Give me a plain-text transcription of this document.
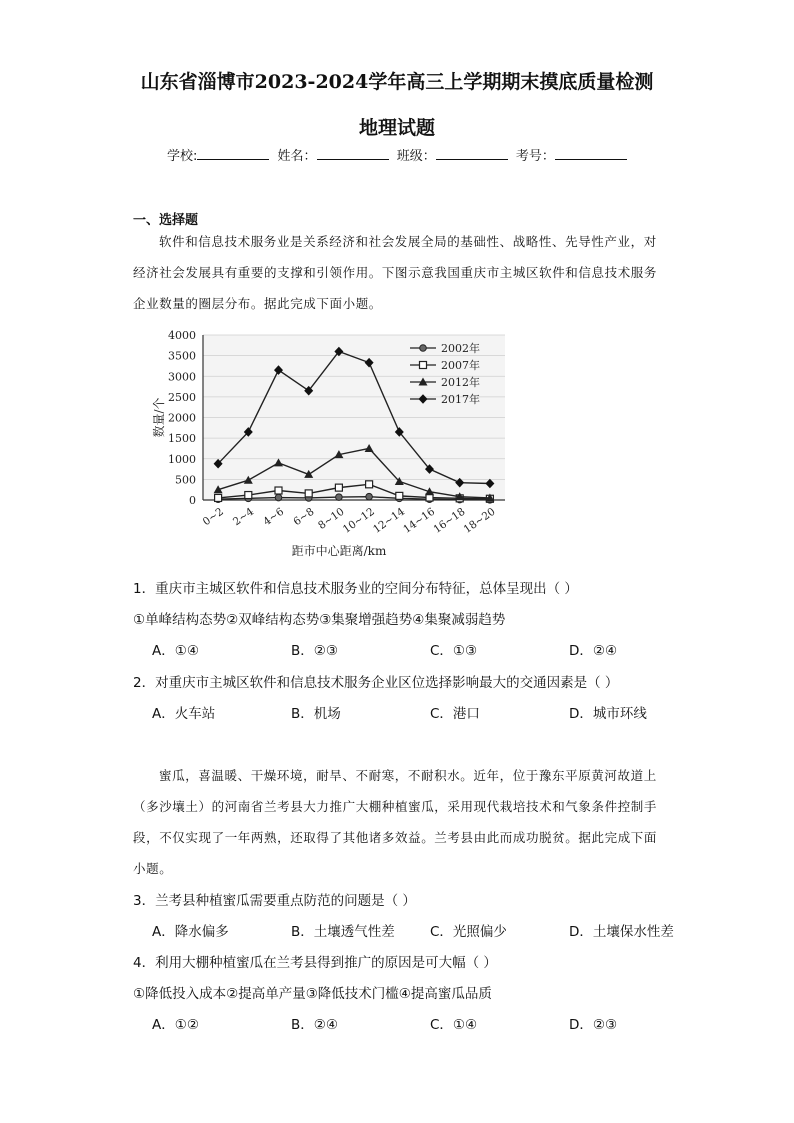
山东省淄博市2023-2024学年高三上学期期末摸底质量检测
地理试题
学校:	姓名：	班级：	考号：
一、选择题
软件和信息技术服务业是关系经济和社会发展全局的基础性、战略性、先导性产业，对经济社会发展具有重要的支撑和引领作用。下图示意我国重庆市主城区软件和信息技术服务企业数量的圈层分布。据此完成下面小题。
0
500
1000
1500
2000
2500
3000
3500
4000
0~2 2~4 4~6 6~8 8~10
10~12
12~14
14~16
16~18
18~20
数量/个
距市中心距离/km
2002年
2007年
2012年
2017年
1．重庆市主城区软件和信息技术服务业的空间分布特征，总体呈现出（ ）
①单峰结构态势②双峰结构态势③集聚增强趋势④集聚减弱趋势
A．①④	B．②③	C．①③	D．②④
2．对重庆市主城区软件和信息技术服务企业区位选择影响最大的交通因素是（ ）
A．火车站	B．机场	C．港口	D．城市环线
蜜瓜，喜温暖、干燥环境，耐旱、不耐寒，不耐积水。近年，位于豫东平原黄河故道上（多沙壤土）的河南省兰考县大力推广大棚种植蜜瓜，采用现代栽培技术和气象条件控制手段，不仅实现了一年两熟，还取得了其他诸多效益。兰考县由此而成功脱贫。据此完成下面小题。
3．兰考县种植蜜瓜需要重点防范的问题是（ ）
A．降水偏多	B．土壤透气性差	C．光照偏少	D．土壤保水性差
4．利用大棚种植蜜瓜在兰考县得到推广的原因是可大幅（ ）
①降低投入成本②提高单产量③降低技术门槛④提高蜜瓜品质
A．①②	B．②④	C．①④	D．②③
